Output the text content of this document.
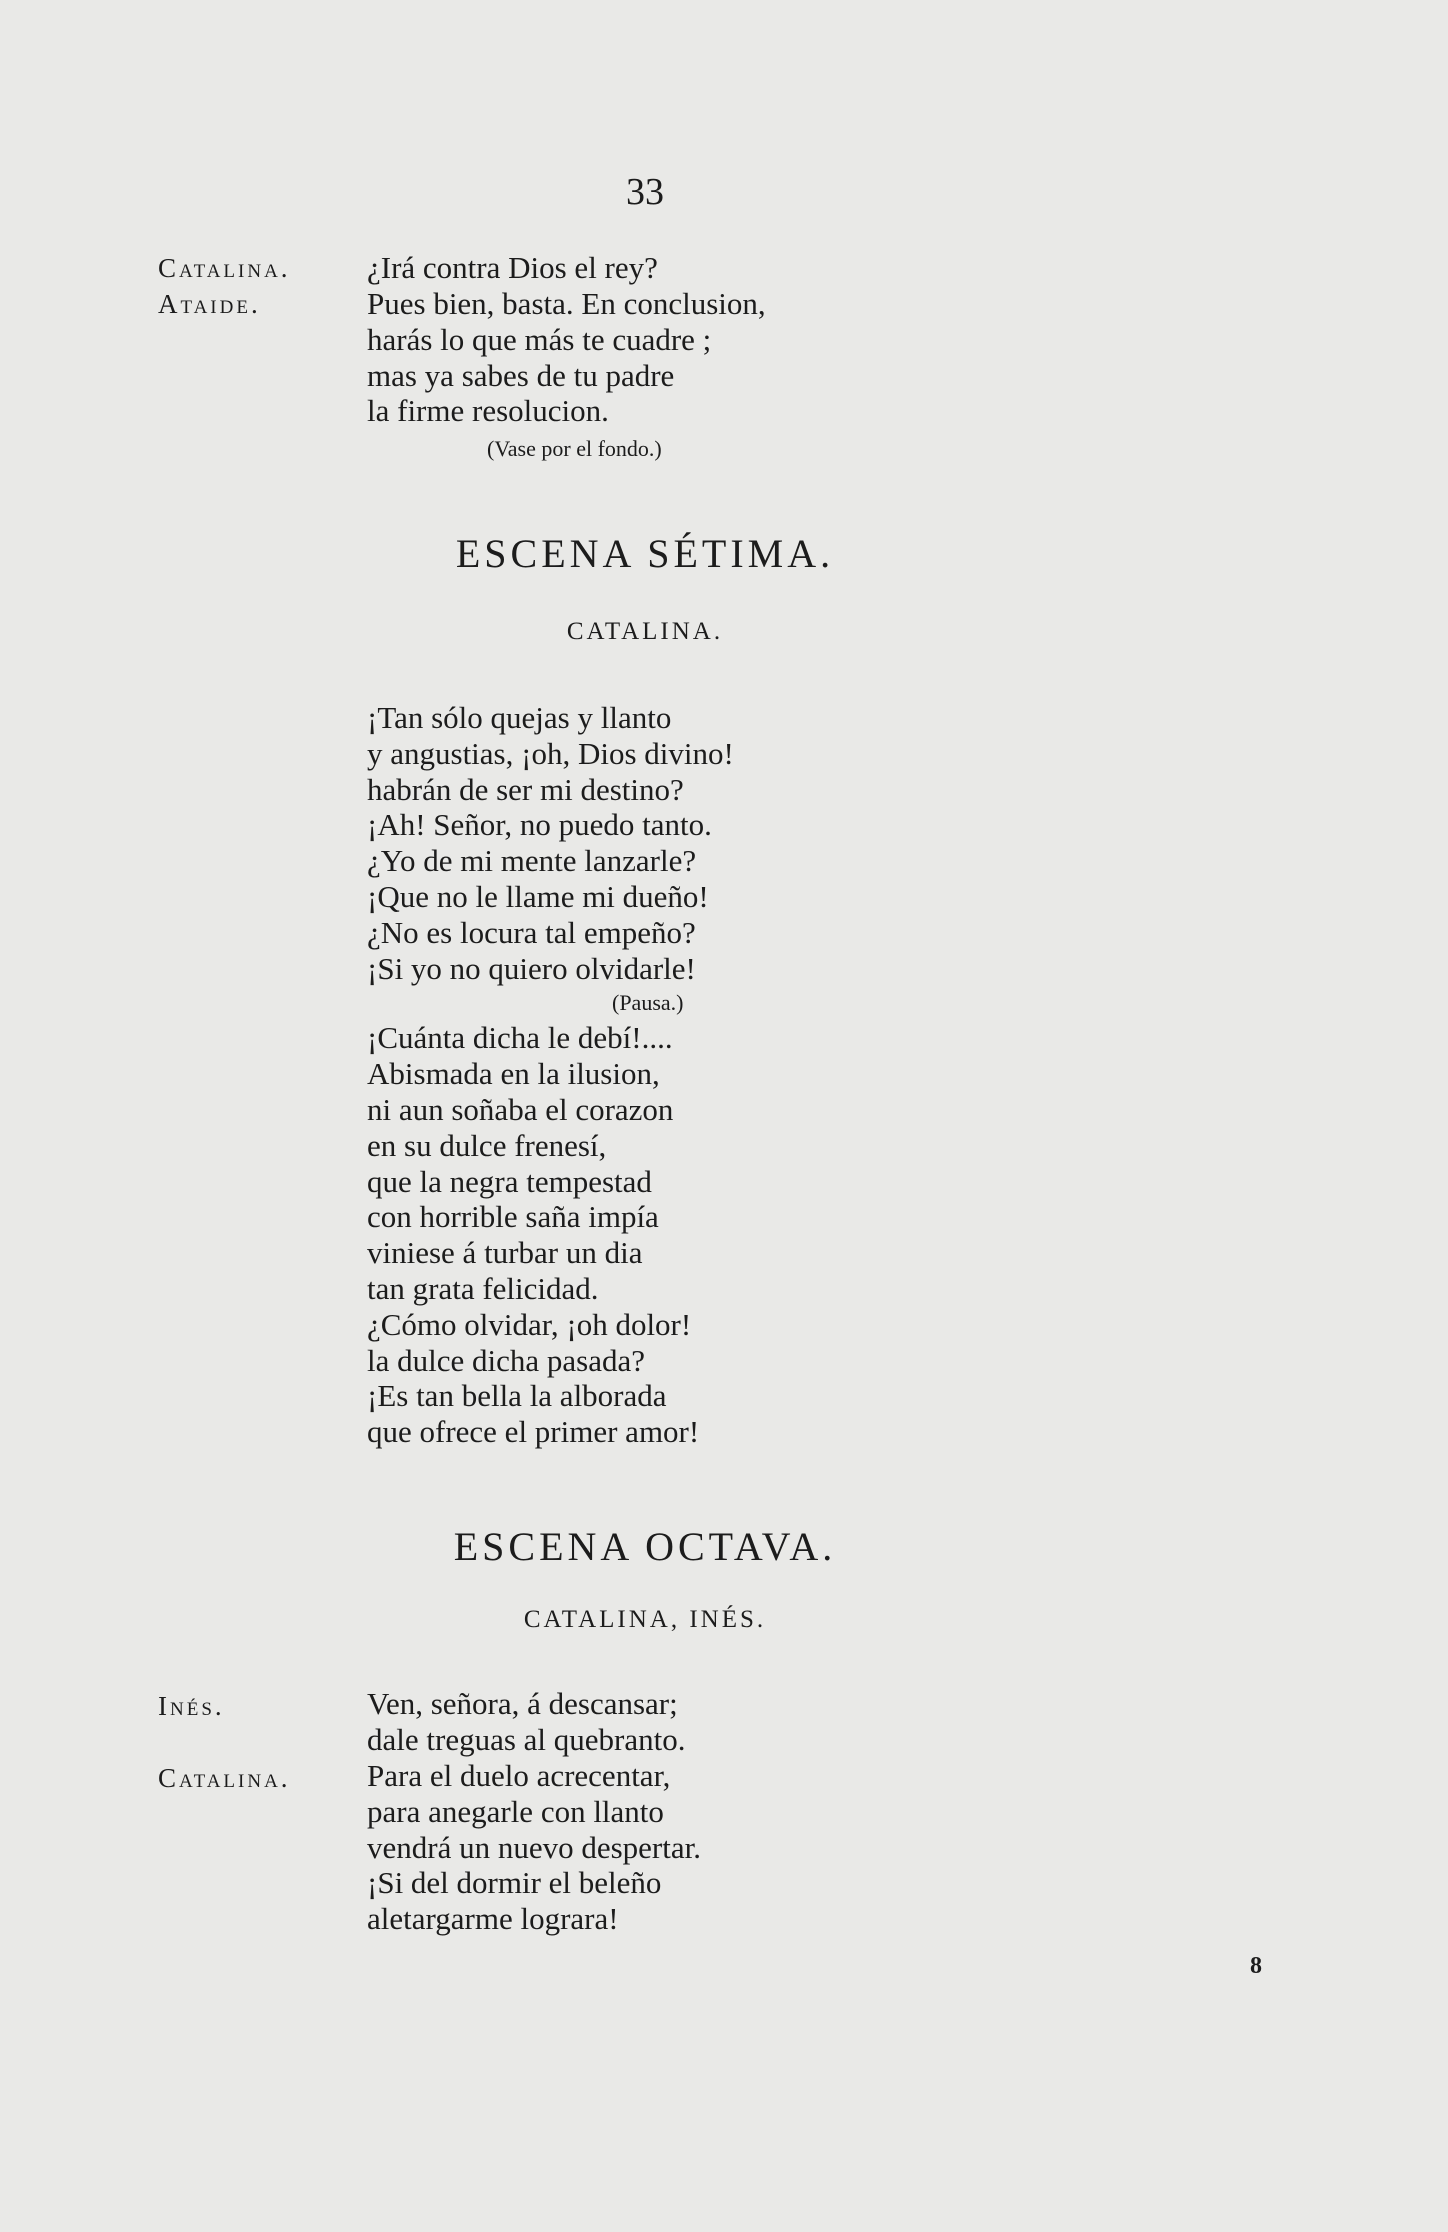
33
Catalina. ¿Irá contra Dios el rey?
Ataide.	Pues bien, basta. En conclusion,
harás lo que más te cuadre ;
mas ya sabes de tu padre
la firme resolucion.
(Vase por el fondo.)
ESCENA SÉTIMA.
CATALINA.
¡Tan sólo quejas y llanto
y angustias, ¡oh, Dios divino!
habrán de ser mi destino?
¡Ah! Señor, no puedo tanto.
¿Yo de mi mente lanzarle?
¡Que no le llame mi dueño!
¿No es locura tal empeño?
¡Si yo no quiero olvidarle!
(Pausa.)
¡Cuánta dicha le debí!....
Abismada en la ilusion,
ni aun soñaba el corazon
en su dulce frenesí,
que la negra tempestad
con horrible saña impía
viniese á turbar un dia
tan grata felicidad.
¿Cómo olvidar, ¡oh dolor!
la dulce dicha pasada?
¡Es tan bella la alborada
que ofrece el primer amor!
ESCENA OCTAVA.
CATALINA, INÉS.
Inés.	Ven, señora, á descansar;
dale treguas al quebranto.
Catalina. Para el duelo acrecentar,
para anegarle con llanto
vendrá un nuevo despertar.
¡Si del dormir el beleño
aletargarme lograra!
8
